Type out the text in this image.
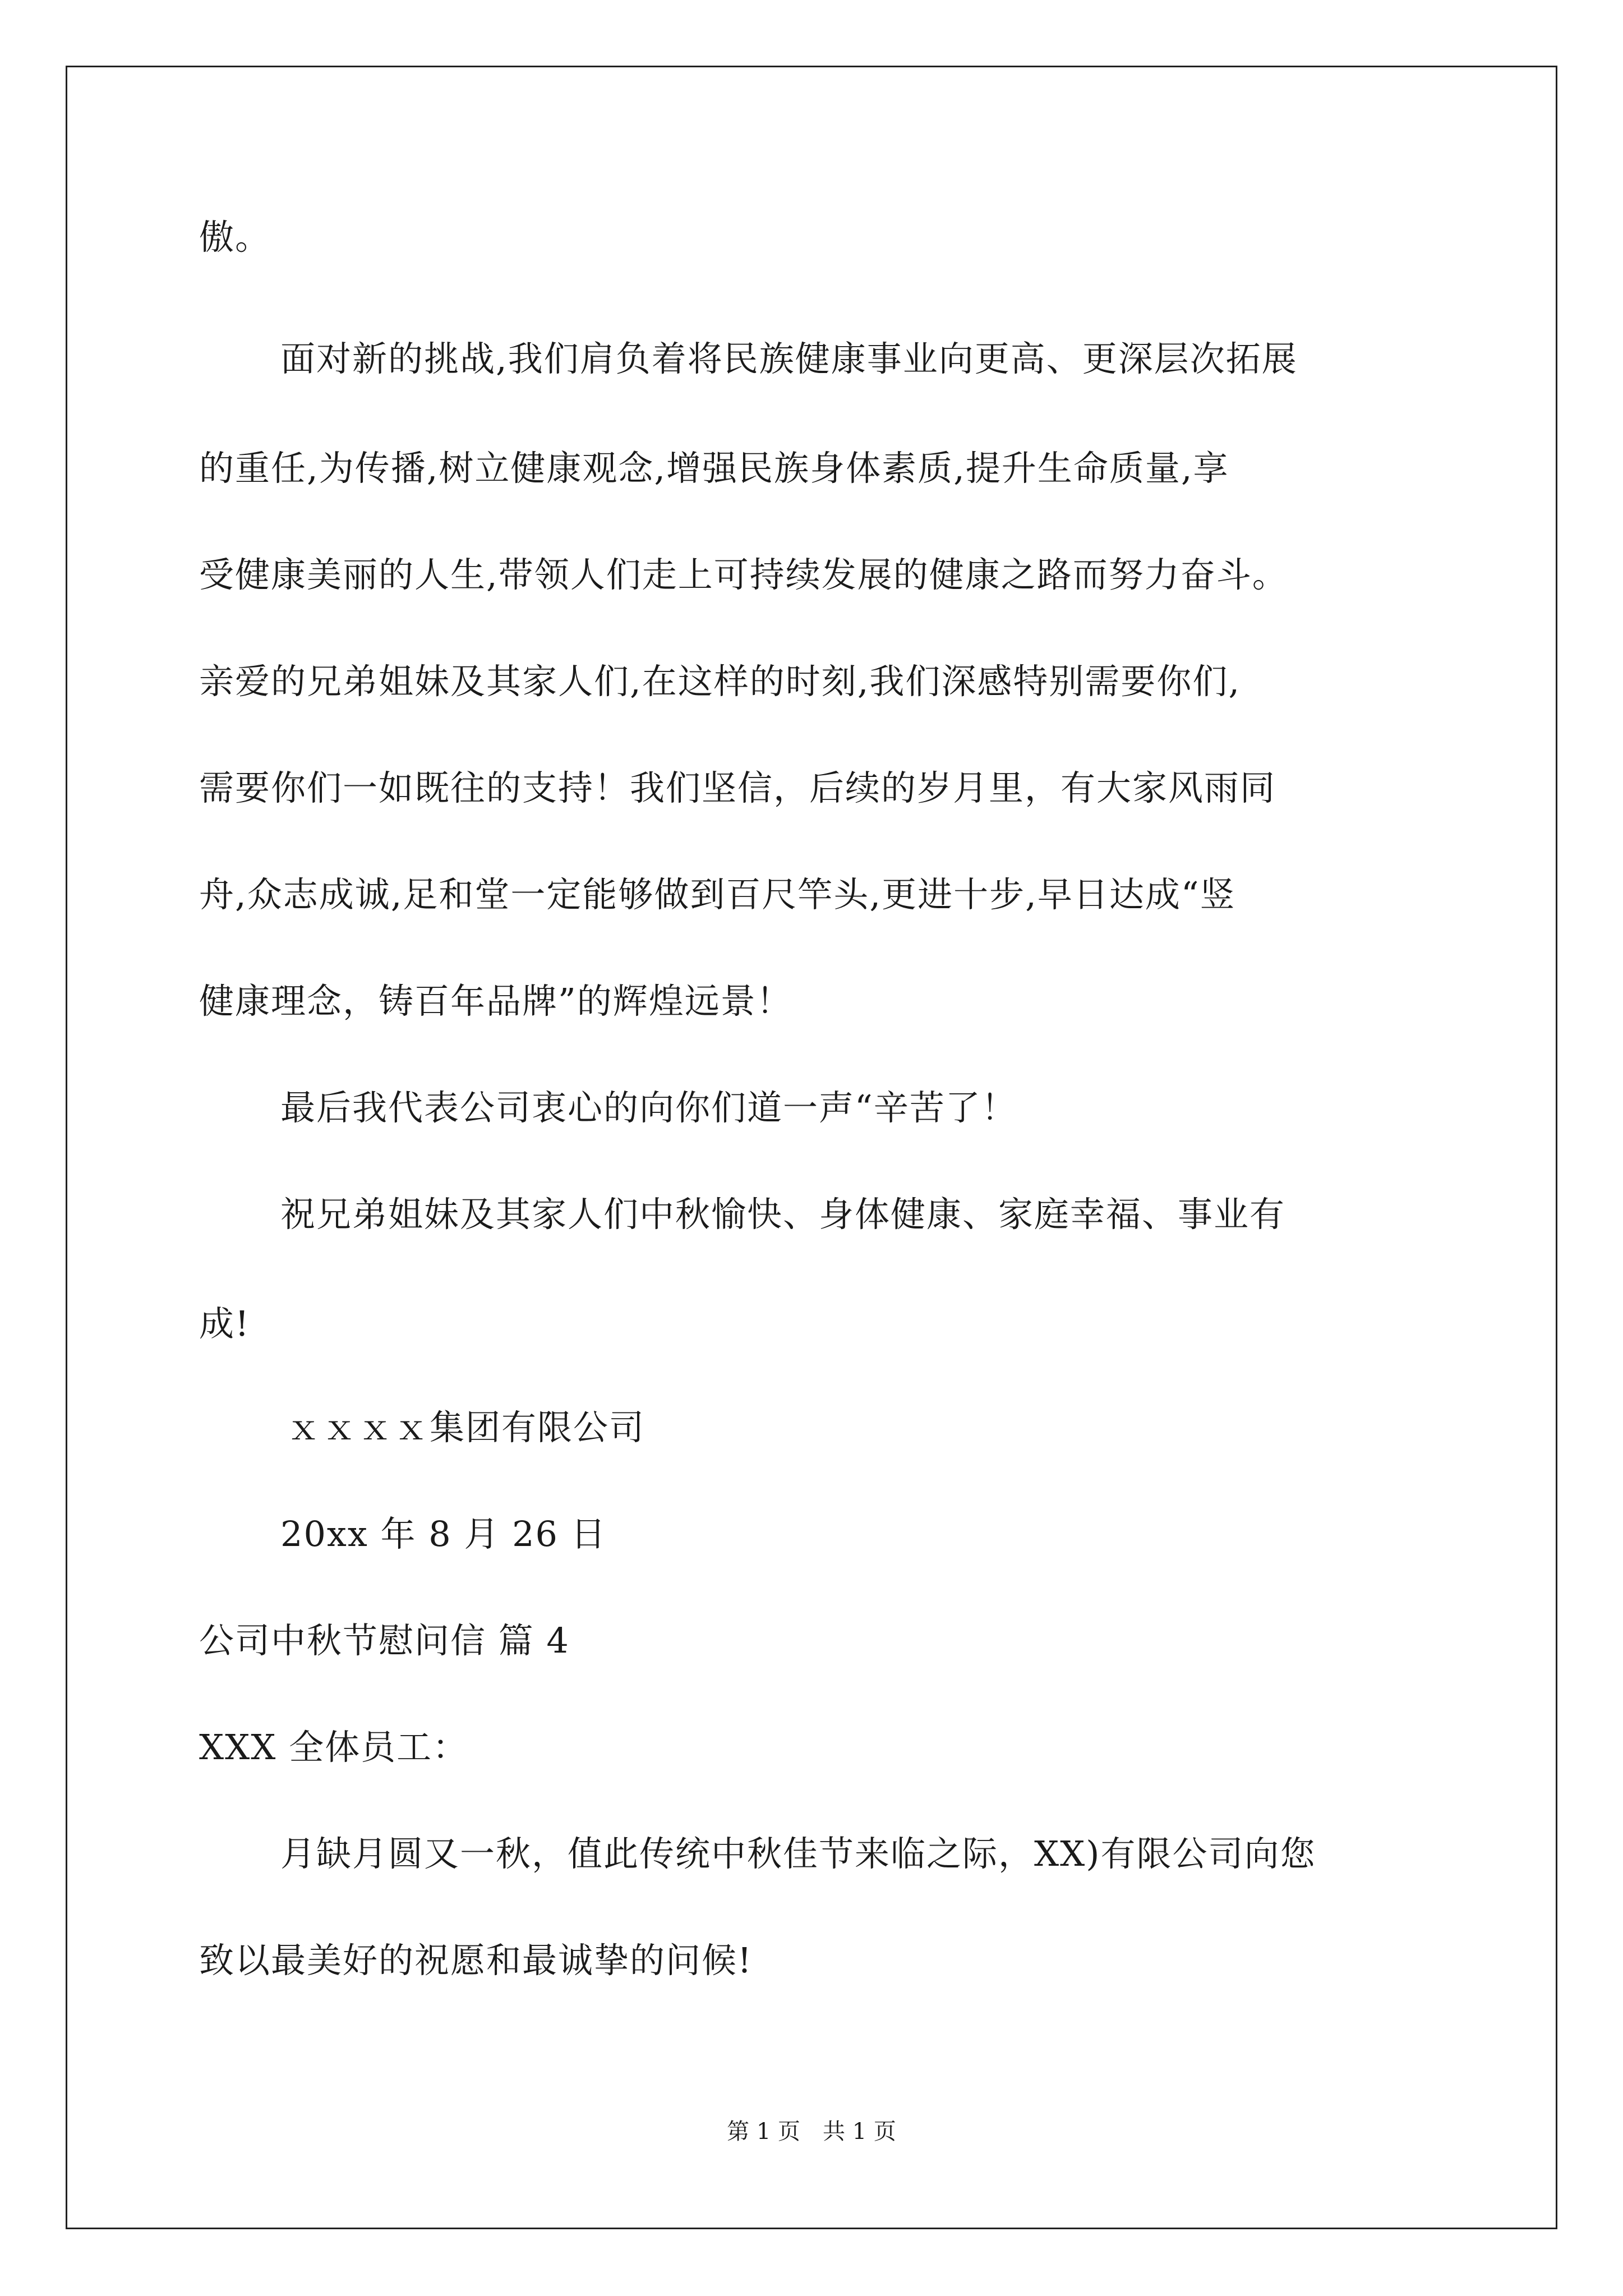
傲。
面对新的挑战,我们肩负着将民族健康事业向更高、更深层次拓展
的重任,为传播,树立健康观念,增强民族身体素质,提升生命质量,享
受健康美丽的人生,带领人们走上可持续发展的健康之路而努力奋斗。
亲爱的兄弟姐妹及其家人们,在这样的时刻,我们深感特别需要你们,
需要你们一如既往的支持！我们坚信，后续的岁月里，有大家风雨同
舟,众志成诚,足和堂一定能够做到百尺竿头,更进十步,早日达成“竖
健康理念，铸百年品牌”的辉煌远景！
最后我代表公司衷心的向你们道一声“辛苦了！
祝兄弟姐妹及其家人们中秋愉快、身体健康、家庭幸福、事业有
成!
ｘｘｘｘ集团有限公司
20xx 年 8 月 26 日
公司中秋节慰问信 篇 4
XXX 全体员工：
月缺月圆又一秋，值此传统中秋佳节来临之际，XX)有限公司向您
致以最美好的祝愿和最诚挚的问候!
第 1 页　共 1 页
